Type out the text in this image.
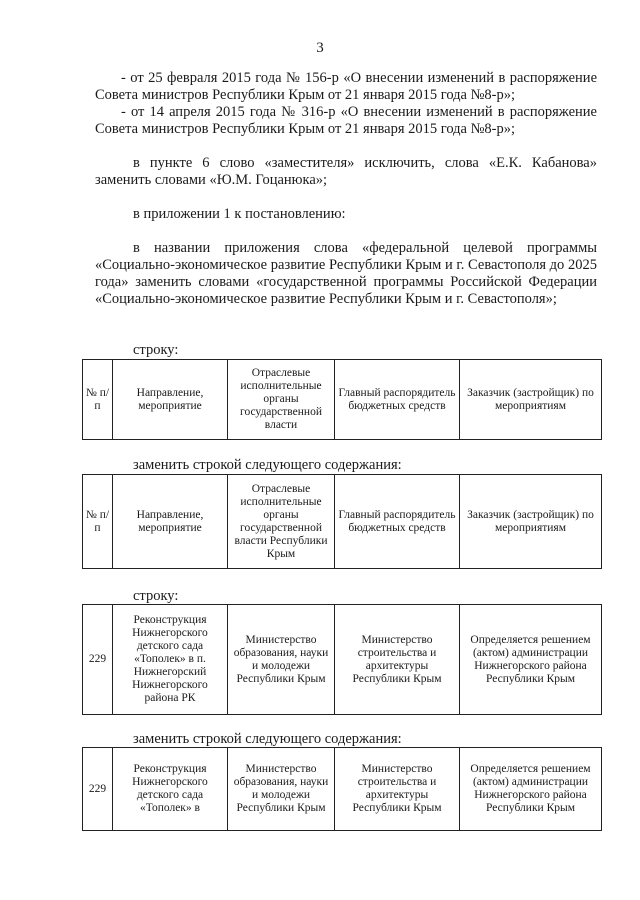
3
- от 25 февраля 2015 года № 156-р «О внесении изменений в распоряжение Совета министров Республики Крым от 21 января 2015 года №8-р»;
- от 14 апреля 2015 года № 316-р «О внесении изменений в распоряжение Совета министров Республики Крым от 21 января 2015 года №8-р»;
в пункте 6 слово «заместителя» исключить, слова «Е.К. Кабанова» заменить словами «Ю.М. Гоцанюка»;
в приложении 1 к постановлению:
в названии приложения слова «федеральной целевой программы «Социально-экономическое развитие Республики Крым и г. Севастополя до 2025 года» заменить словами «государственной программы Российской Федерации «Социально-экономическое развитие Республики Крым и г. Севастополя»;
строку:
№ п/п	Направление, мероприятие	Отраслевые исполнительные органы государственной власти	Главный распорядитель бюджетных средств	Заказчик (застройщик) по мероприятиям
заменить строкой следующего содержания:
№ п/п	Направление, мероприятие	Отраслевые исполнительные органы государственной власти Республики Крым	Главный распорядитель бюджетных средств	Заказчик (застройщик) по мероприятиям
строку:
229	Реконструкция Нижнегорского детского сада «Тополек» в п. Нижнегорский Нижнегорского района РК	Министерство образования, науки и молодежи Республики Крым	Министерство строительства и архитектуры Республики Крым	Определяется решением (актом) администрации Нижнегорского района Республики Крым
заменить строкой следующего содержания:
229	Реконструкция Нижнегорского детского сада «Тополек» в	Министерство образования, науки и молодежи Республики Крым	Министерство строительства и архитектуры Республики Крым	Определяется решением (актом) администрации Нижнегорского района Республики Крым
